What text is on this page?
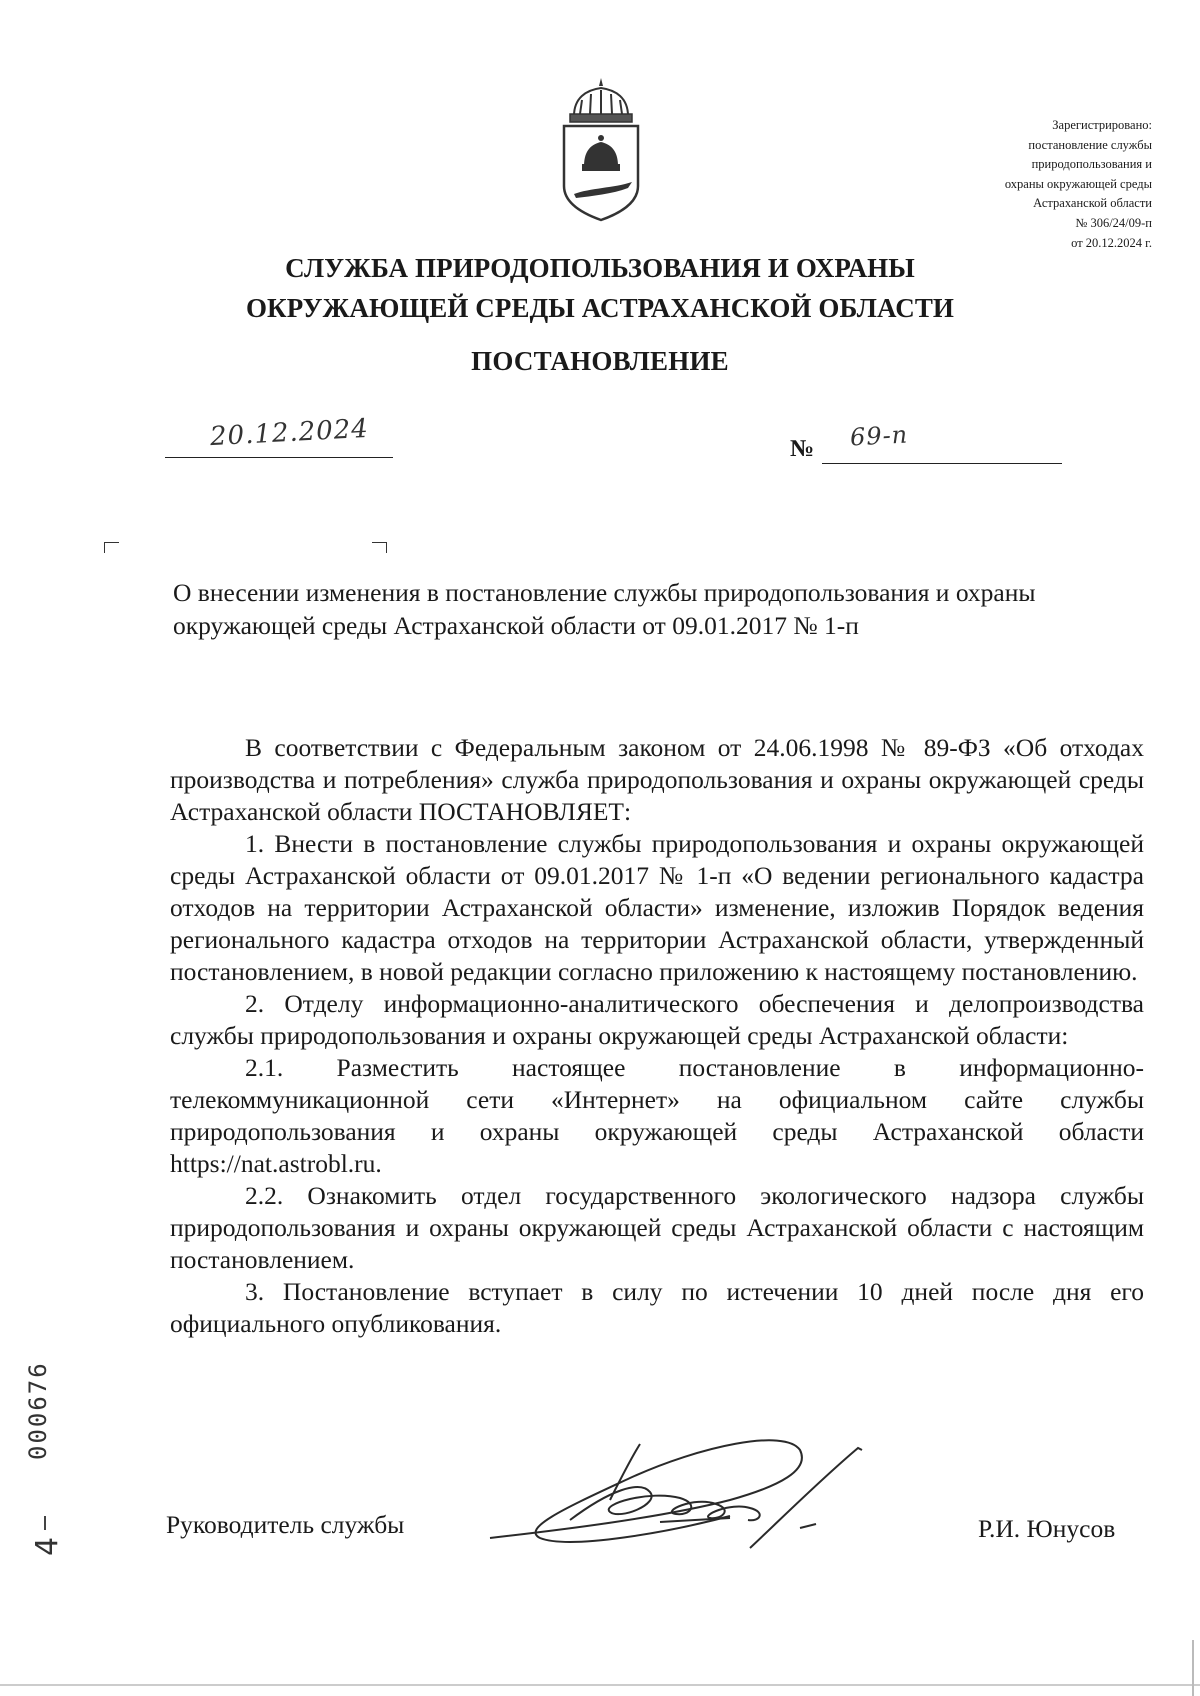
Зарегистрировано:
постановление службы
природопользования и
охраны окружающей среды
Астраханской области
№ 306/24/09-п
от 20.12.2024 г.
СЛУЖБА ПРИРОДОПОЛЬЗОВАНИЯ И ОХРАНЫ
ОКРУЖАЮЩЕЙ СРЕДЫ АСТРАХАНСКОЙ ОБЛАСТИ
ПОСТАНОВЛЕНИЕ
20.12.2024	№ 69-п
О внесении изменения в постановление службы природопользования и охраны
окружающей среды Астраханской области от 09.01.2017 № 1-п

В соответствии с Федеральным законом от 24.06.1998 № 89-ФЗ «Об отходах производства и потребления» служба природопользования и охраны окружающей среды Астраханской области ПОСТАНОВЛЯЕТ:

1. Внести в постановление службы природопользования и охраны окружающей среды Астраханской области от 09.01.2017 № 1-п «О ведении регионального кадастра отходов на территории Астраханской области» изменение, изложив Порядок ведения регионального кадастра отходов на территории Астраханской области, утвержденный постановлением, в новой редакции согласно приложению к настоящему постановлению.

2. Отделу информационно-аналитического обеспечения и делопроизводства службы природопользования и охраны окружающей среды Астраханской области:

2.1. Разместить настоящее постановление в информационно-телекоммуникационной сети «Интернет» на официальном сайте службы природопользования и охраны окружающей среды Астраханской области https://nat.astrobl.ru.

2.2. Ознакомить отдел государственного экологического надзора службы природопользования и охраны окружающей среды Астраханской области с настоящим постановлением.

3. Постановление вступает в силу по истечении 10 дней после дня его официального опубликования.

Руководитель службы	Р.И. Юнусов
000676
4
